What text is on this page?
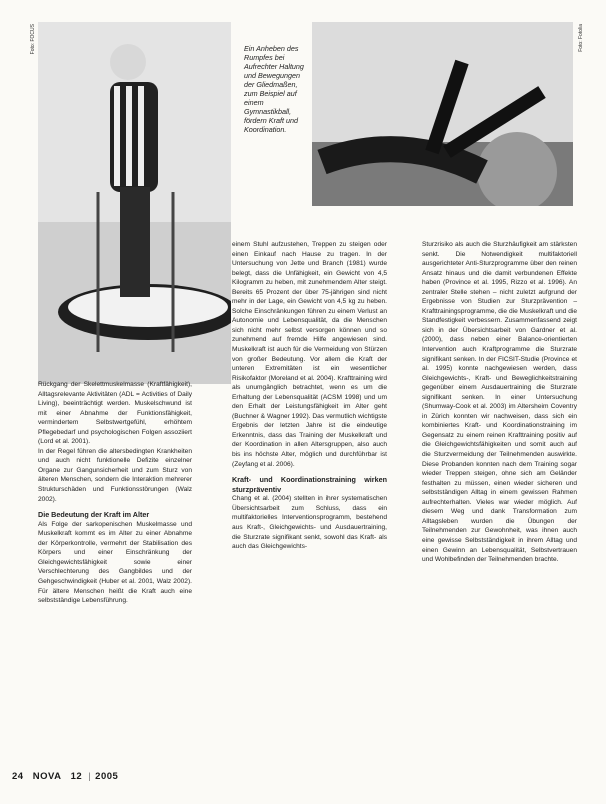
Foto: FOCUS	Foto: Fotolia
Ein Anheben des Rumpfes bei Aufrechter Haltung und Bewegungen der Gliedmaßen, zum Beispiel auf einem Gymnastikball, fördern Kraft und Koordination.

Rückgang der Skelettmuskelmasse (Kraftfähigkeit), Alltagsrelevante Aktivitäten (ADL = Activities of Daily Living), beeinträchtigt werden. Muskelschwund ist mit einer Abnahme der Funktionsfähigkeit, vermindertem Selbstwertgefühl, erhöhtem Pflegebedarf und psychologischen Folgen assoziiert (Lord et al. 2001).

In der Regel führen die altersbedingten Krankheiten und auch nicht funktionelle Defizite einzelner Organe zur Gangunsicherheit und zum Sturz von älteren Menschen, sondern die Interaktion mehrerer Strukturschäden und Funktionsstörungen (Walz 2002).

Die Bedeutung der Kraft im Alter

Als Folge der sarkopenischen Muskelmasse und Muskelkraft kommt es im Alter zu einer Abnahme der Körperkontrolle, vermehrt der Stabilisation des Körpers und einer Einschränkung der Gleichgewichtsfähigkeit sowie einer Verschlechterung des Gangbildes und der Gehgeschwindigkeit (Huber et al. 2001, Walz 2002). Für ältere Menschen heißt die Kraft auch eine selbstständige Lebensführung.

einem Stuhl aufzustehen, Treppen zu steigen oder einen Einkauf nach Hause zu tragen. In der Untersuchung von Jette und Branch (1981) wurde belegt, dass die Unfähigkeit, ein Gewicht von 4,5 Kilogramm zu heben, mit zunehmendem Alter steigt. Bereits 65 Prozent der über 75-jährigen sind nicht mehr in der Lage, ein Gewicht von 4,5 kg zu heben. Solche Einschränkungen führen zu einem Verlust an Autonomie und Lebensqualität, da die Menschen sich nicht mehr selbst versorgen können und so zunehmend auf fremde Hilfe angewiesen sind. Muskelkraft ist auch für die Vermeidung von Stürzen von großer Bedeutung. Vor allem die Kraft der unteren Extremitäten ist ein wesentlicher Risikofaktor (Moreland et al. 2004). Krafttraining wird als unumgänglich betrachtet, wenn es um die Erhaltung der Lebensqualität (ACSM 1998) und um den Erhalt der Leistungsfähigkeit im Alter geht (Buchner & Wagner 1992). Das vermutlich wichtigste Ergebnis der letzten Jahre ist die eindeutige Erkenntnis, dass das Training der Muskelkraft und der Koordination in allen Altersgruppen, also auch bis ins höchste Alter, möglich und durchführbar ist (Zeyfang et al. 2006).

Kraft- und Koordinationstraining wirken sturzpräventiv

Chang et al. (2004) stellten in ihrer systematischen Übersichtsarbeit zum Schluss, dass ein multifaktorielles Interventionsprogramm, bestehend aus Kraft-, Gleichgewichts- und Ausdauertraining, die Sturzrate signifikant senkt, sowohl das Kraft- als auch das Gleichgewichts-

Sturzrisiko als auch die Sturzhäufigkeit am stärksten senkt. Die Notwendigkeit multifaktoriell ausgerichteter Anti-Sturzprogramme über den reinen Ansatz hinaus und die damit verbundenen Effekte haben (Province et al. 1995, Rizzo et al. 1996). An zentraler Stelle stehen – nicht zuletzt aufgrund der Ergebnisse von Studien zur Sturzprävention – Krafttrainingsprogramme, die die Muskelkraft und die Standfestigkeit verbessern. Zusammenfassend zeigt sich in der Übersichtsarbeit von Gardner et al. (2000), dass neben einer Balance-orientierten Intervention auch Kraftprogramme die Sturzrate signifikant senken. In der FICSIT-Studie (Province et al. 1995) konnte nachgewiesen werden, dass Gleichgewichts-, Kraft- und Beweglichkeitstraining gegenüber einem Ausdauertraining die Sturzrate signifikant senken. In einer Untersuchung (Shumway-Cook et al. 2003) im Altersheim Coventry in Zürich konnten wir nachweisen, dass sich ein kombiniertes Kraft- und Koordinationstraining im Gegensatz zu einem reinen Krafttraining positiv auf die Gleichgewichtsfähigkeiten und somit auch auf die Sturzvermeidung der Teilnehmenden auswirkte. Diese Probanden konnten nach dem Training sogar wieder Treppen steigen, ohne sich am Geländer festhalten zu müssen, einen wieder sicheren und selbstständigen Alltag in einem gewissen Rahmen aufrechterhalten. Vieles war wieder möglich. Auf diesem Weg und dank Transformation zum Alltagsleben wurden die Übungen der Teilnehmenden zur Gewohnheit, was ihnen auch eine gewisse Selbstständigkeit in ihrem Alltag und einen Gewinn an Lebensqualität, Selbstvertrauen und Wohlbefinden der Teilnehmenden brachte.

24 NOVA 12 | 2005
